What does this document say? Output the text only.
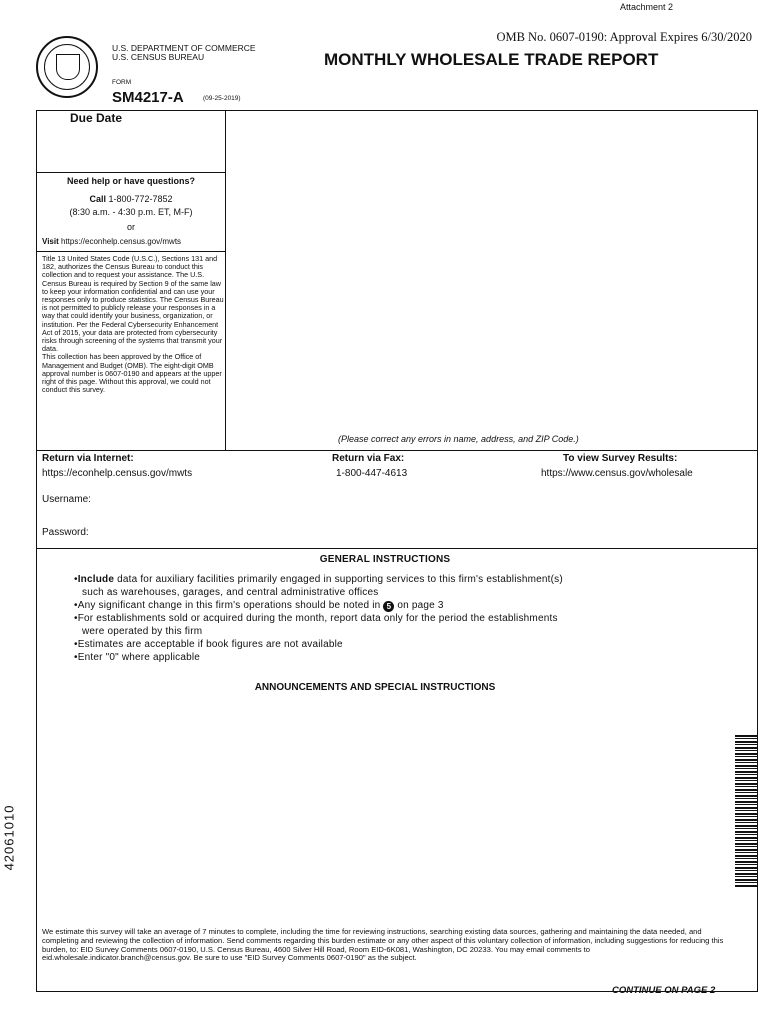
Attachment 2
OMB No. 0607-0190: Approval Expires 6/30/2020
U.S. DEPARTMENT OF COMMERCE
U.S. CENSUS BUREAU	MONTHLY WHOLESALE TRADE REPORT
FORM
SM4217-A	(09-25-2019)
Due Date
Need help or have questions?
Call 1-800-772-7852
(8:30 a.m. - 4:30 p.m. ET, M-F)
or
Visit https://econhelp.census.gov/mwts
Title 13 United States Code (U.S.C.), Sections 131 and 182, authorizes the Census Bureau to conduct this collection and to request your assistance. The U.S. Census Bureau is required by Section 9 of the same law to keep your information confidential and can use your responses only to produce statistics. The Census Bureau is not permitted to publicly release your responses in a way that could identify your business, organization, or institution. Per the Federal Cybersecurity Enhancement Act of 2015, your data are protected from cybersecurity risks through screening of the systems that transmit your data.
This collection has been approved by the Office of Management and Budget (OMB). The eight-digit OMB approval number is 0607-0190 and appears at the upper right of this page. Without this approval, we could not conduct this survey.
(Please correct any errors in name, address, and ZIP Code.)
Return via Internet:
https://econhelp.census.gov/mwts
Return via Fax:
1-800-447-4613
To view Survey Results:
https://www.census.gov/wholesale
Username:
Password:
GENERAL INSTRUCTIONS
•Include data for auxiliary facilities primarily engaged in supporting services to this firm's establishment(s)
such as warehouses, garages, and central administrative offices
•Any significant change in this firm's operations should be noted in 5 on page 3
•For establishments sold or acquired during the month, report data only for the period the establishments
were operated by this firm
•Estimates are acceptable if book figures are not available
•Enter "0" where applicable
ANNOUNCEMENTS AND SPECIAL INSTRUCTIONS
42061010
We estimate this survey will take an average of 7 minutes to complete, including the time for reviewing instructions, searching existing data sources, gathering and maintaining the data needed, and completing and reviewing the collection of information. Send comments regarding this burden estimate or any other aspect of this voluntary collection of information, including suggestions for reducing this burden, to: EID Survey Comments 0607-0190, U.S. Census Bureau, 4600 Silver Hill Road, Room EID-6K081, Washington, DC 20233. You may email comments to eid.wholesale.indicator.branch@census.gov. Be sure to use "EID Survey Comments 0607-0190" as the subject.
CONTINUE ON PAGE 2
